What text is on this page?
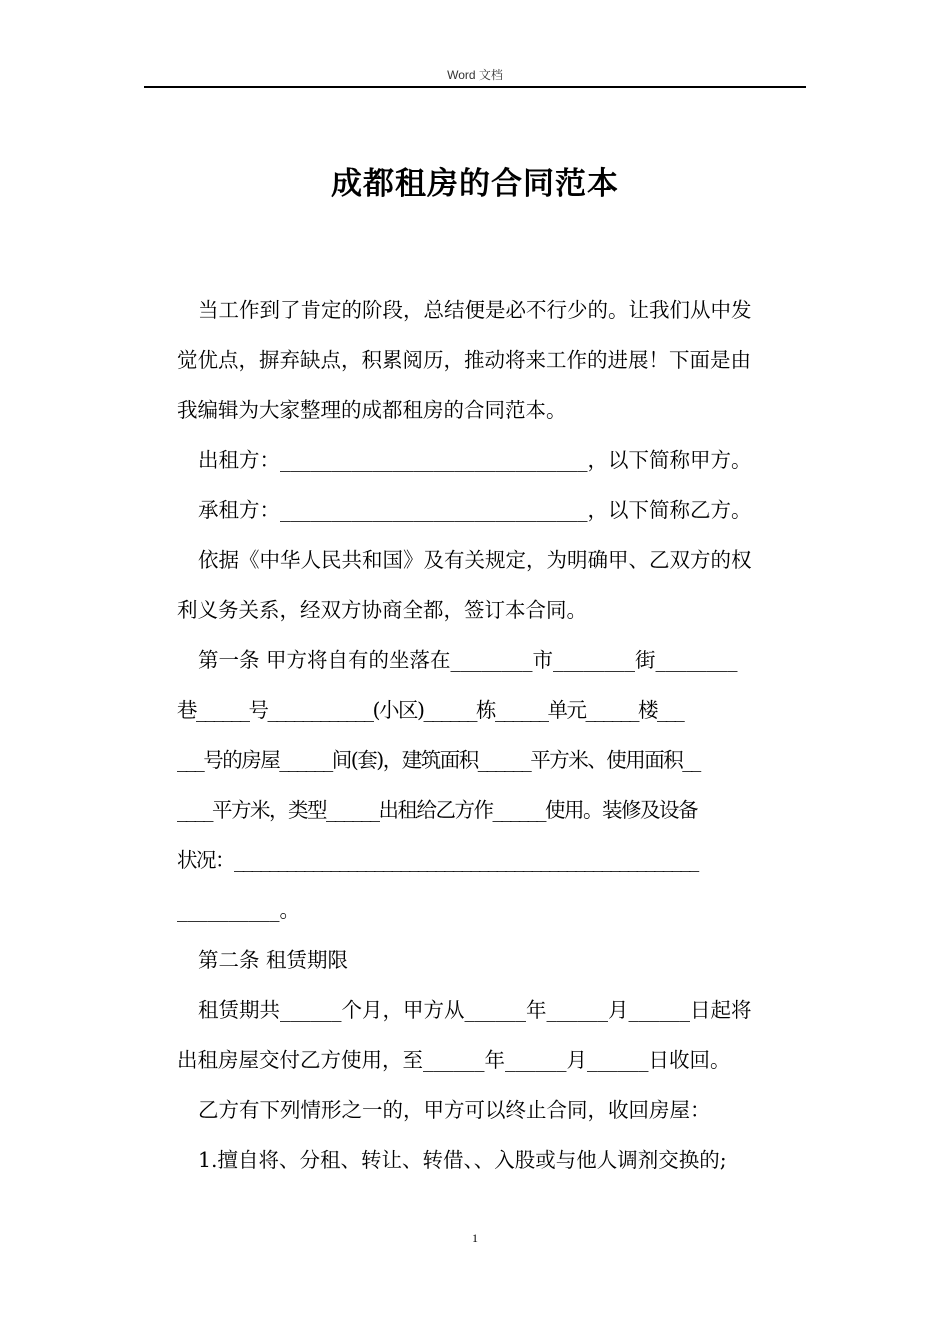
Word 文档
成都租房的合同范本
当工作到了肯定的阶段，总结便是必不行少的。让我们从中发
觉优点，摒弃缺点，积累阅历，推动将来工作的进展！下面是由
我编辑为大家整理的成都租房的合同范本。
出租方：______________________________，以下简称甲方。
承租方：______________________________，以下简称乙方。
依据《中华人民共和国》及有关规定，为明确甲、乙双方的权
利义务关系，经双方协商全都，签订本合同。
第一条 甲方将自有的坐落在________市________街________
巷______号____________(小区)______栋______单元______楼___
___号的房屋______间(套)，建筑面积______平方米、使用面积__
____平方米，类型______出租给乙方作______使用。装修及设备
状况：_____________________________________________________
__________。
第二条 租赁期限
租赁期共______个月，甲方从______年______月______日起将
出租房屋交付乙方使用，至______年______月______日收回。
乙方有下列情形之一的，甲方可以终止合同，收回房屋：
1.擅自将、分租、转让、转借、、入股或与他人调剂交换的;
1
